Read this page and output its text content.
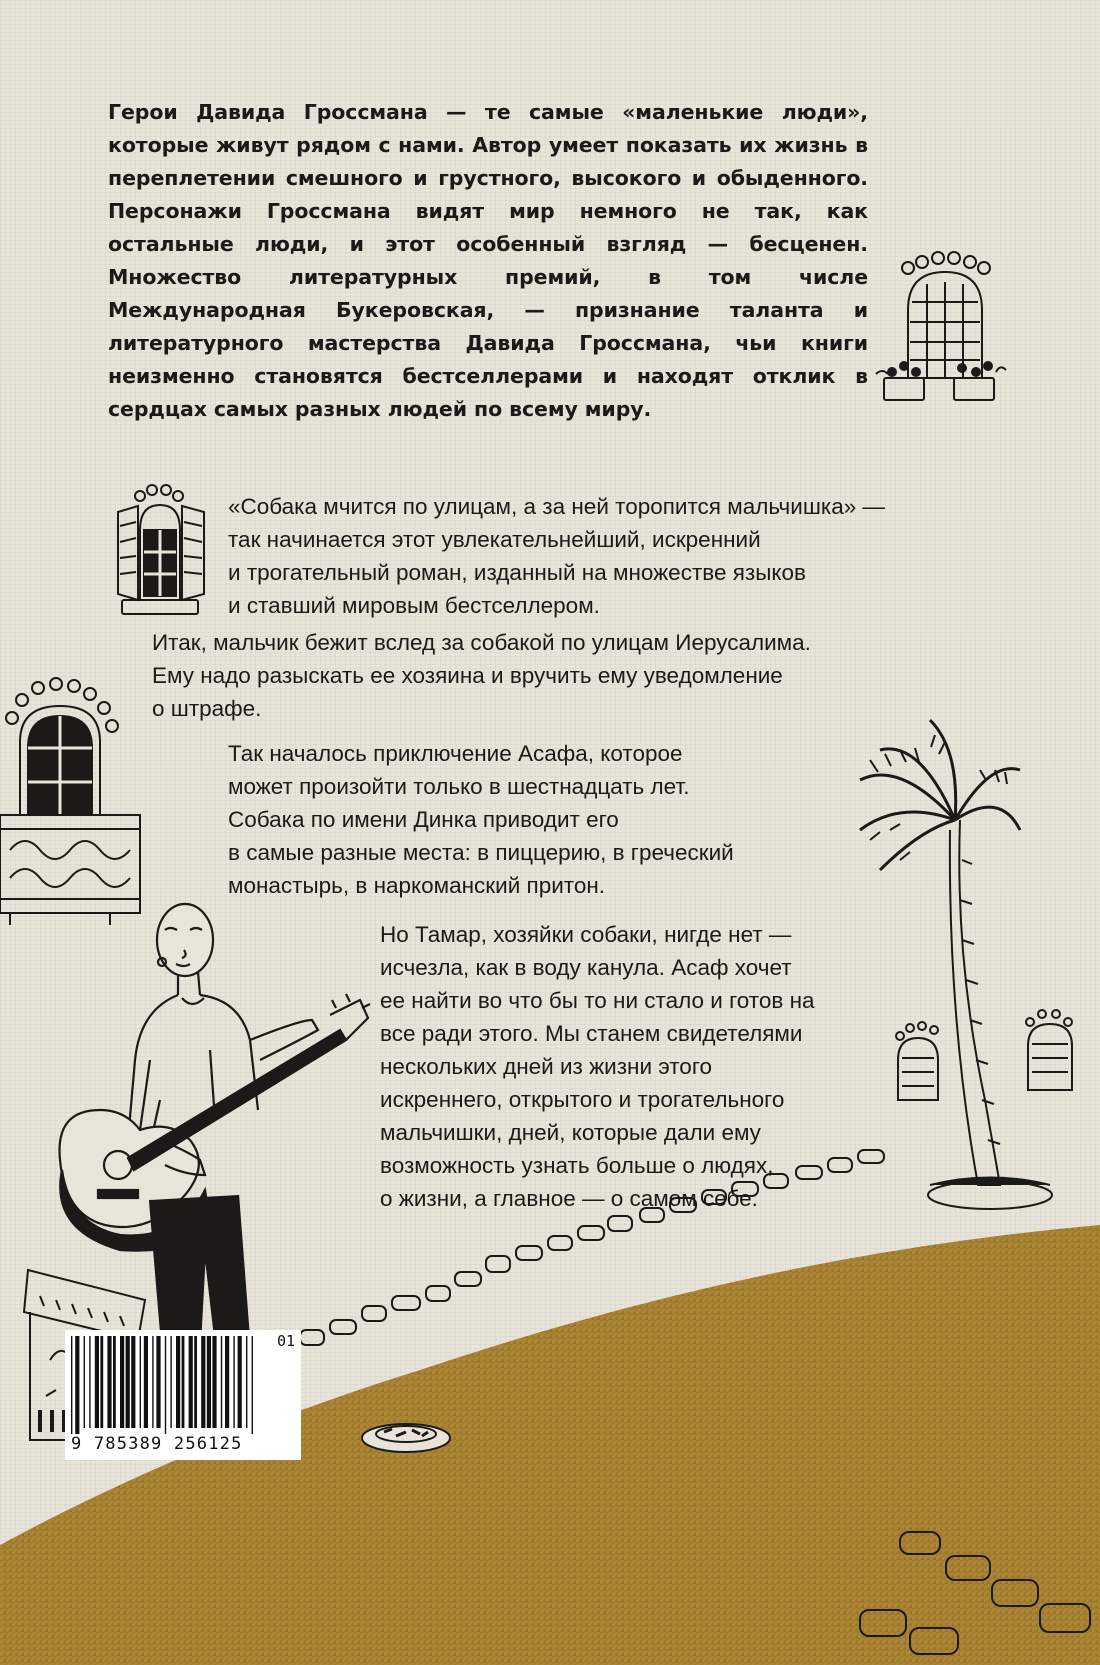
Герои Давида Гроссмана — те самые «маленькие люди», которые живут рядом с нами. Автор умеет показать их жизнь в переплетении смешного и грустного, высокого и обыденного. Персонажи Гроссмана видят мир немного не так, как остальные люди, и этот особенный взгляд — бесценен. Множество литературных премий, в том числе Международная Букеровская, — признание таланта и литературного мастерства Давида Гроссмана, чьи книги неизменно становятся бестселлерами и находят отклик в сердцах самых разных людей по всему миру.

«Собака мчится по улицам, а за ней торопится мальчишка» —
так начинается этот увлекательнейший, искренний
и трогательный роман, изданный на множестве языков
и ставший мировым бестселлером.
Итак, мальчик бежит вслед за собакой по улицам Иерусалима.
Ему надо разыскать ее хозяина и вручить ему уведомление
о штрафе.
Так началось приключение Асафа, которое
может произойти только в шестнадцать лет.
Собака по имени Динка приводит его
в самые разные места: в пиццерию, в греческий
монастырь, в наркоманский притон.
Но Тамар, хозяйки собаки, нигде нет —
исчезла, как в воду канула. Асаф хочет
ее найти во что бы то ни стало и готов на
все ради этого. Мы станем свидетелями
нескольких дней из жизни этого
искреннего, открытого и трогательного
мальчишки, дней, которые дали ему
возможность узнать больше о людях,
о жизни, а главное — о самом себе.
01
9 785389 256125
